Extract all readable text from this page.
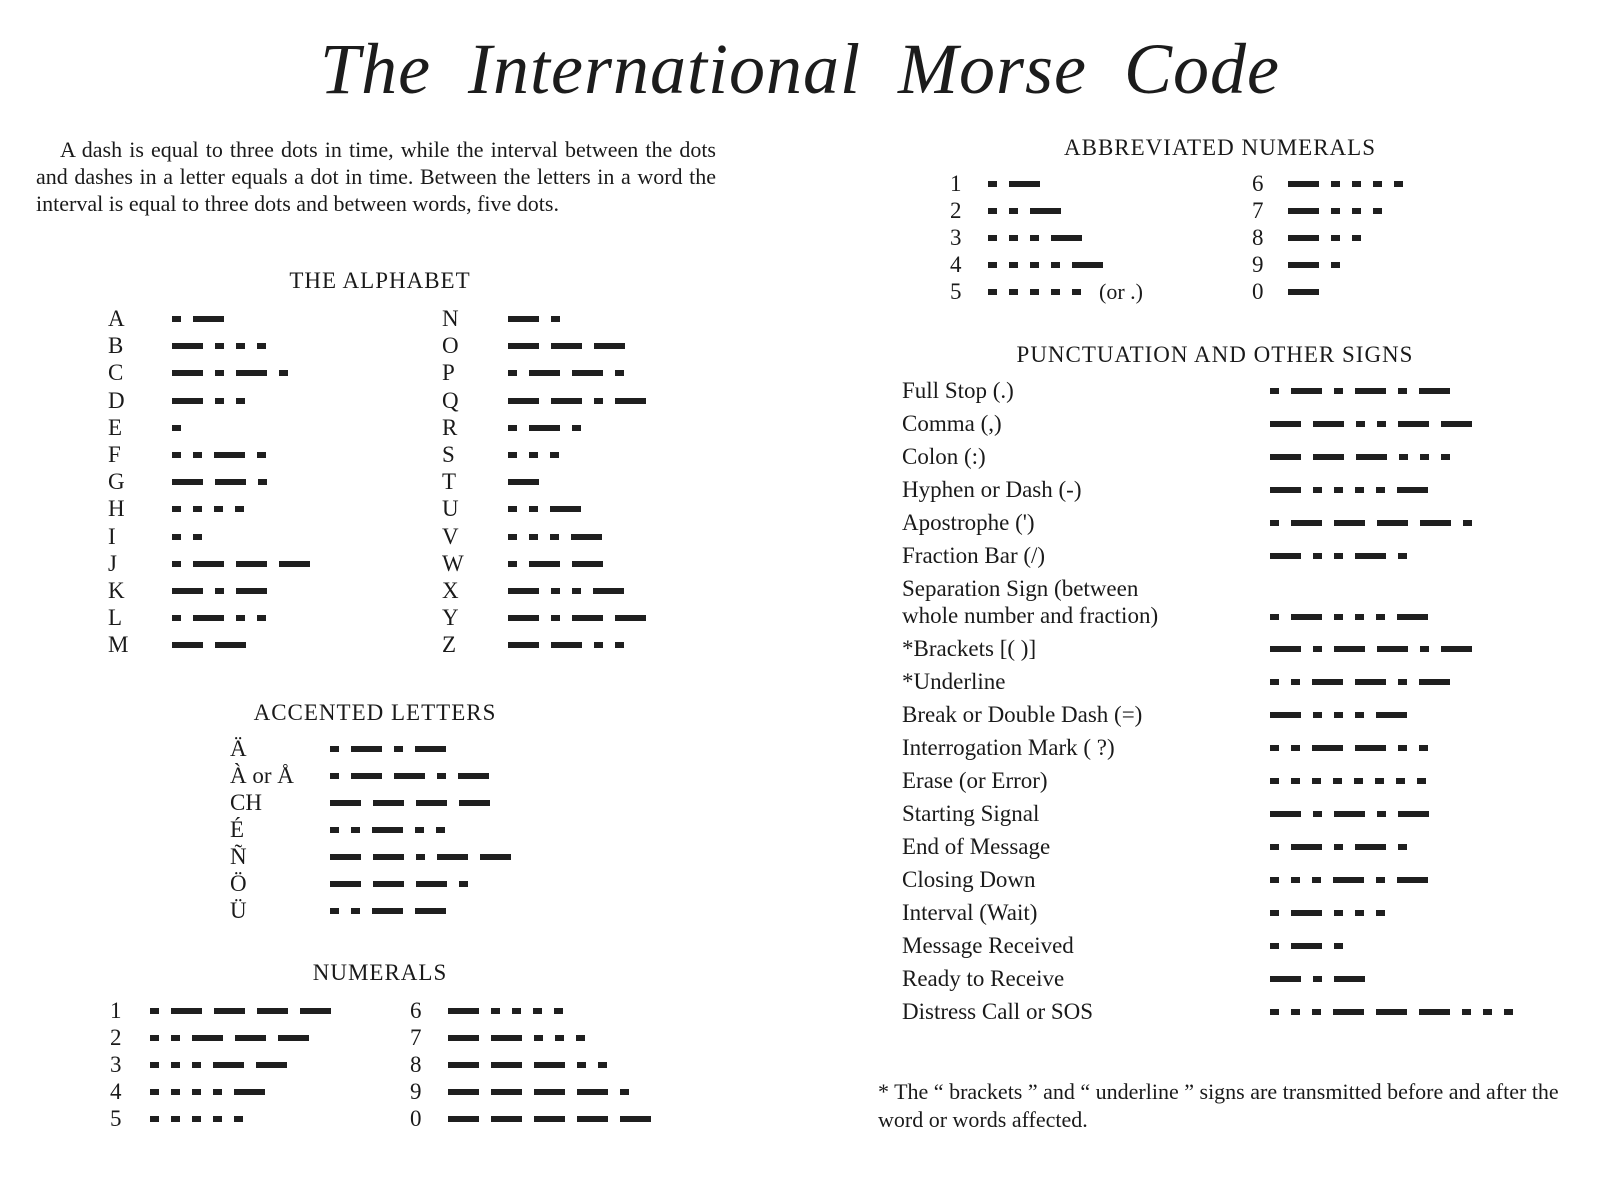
The International Morse Code
A dash is equal to three dots in time, while the interval between the dots and dashes in a letter equals a dot in time. Between the letters in a word the interval is equal to three dots and between words, five dots.
THE ALPHABET
A
B
C
D
E
F
G
H
I
J
K
L
M
N
O
P
Q
R
S
T
U
V
W
X
Y
Z
ACCENTED LETTERS
Ä
À or Å
CH
É
Ñ
Ö
Ü
NUMERALS
1
2
3
4
5
6
7
8
9
0
ABBREVIATED NUMERALS
1
2
3
4
5	(or .)
6
7
8
9
0
PUNCTUATION AND OTHER SIGNS
Full Stop (.)
Comma (,)
Colon (:)
Hyphen or Dash (-)
Apostrophe (')
Fraction Bar (/)
Separation Sign (between
whole number and fraction)
*Brackets [( )]
*Underline
Break or Double Dash (=)
Interrogation Mark ( ?)
Erase (or Error)
Starting Signal
End of Message
Closing Down
Interval (Wait)
Message Received
Ready to Receive
Distress Call or SOS
* The “ brackets ” and “ underline ” signs are transmitted before and after the word or words affected.
